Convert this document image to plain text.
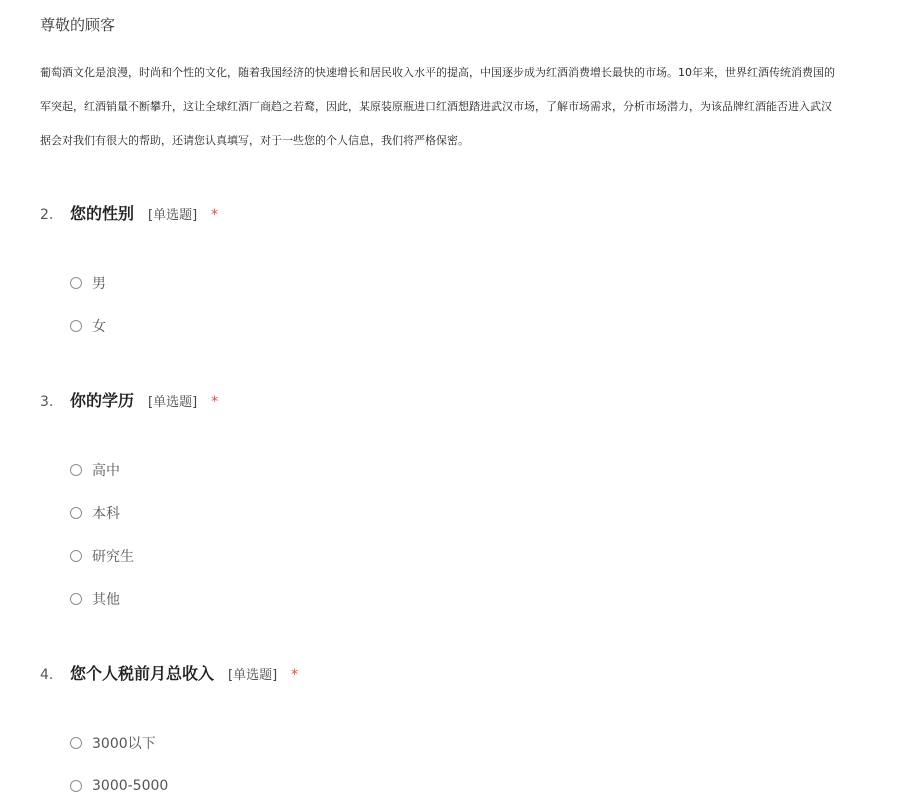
尊敬的顾客
葡萄酒文化是浪漫，时尚和个性的文化，随着我国经济的快速增长和居民收入水平的提高，中国逐步成为红酒消费增长最快的市场。10年来，世界红酒传统消费国的
军突起，红酒销量不断攀升，这让全球红酒厂商趋之若鹜，因此，某原装原瓶进口红酒想踏进武汉市场，了解市场需求，分析市场潜力，为该品牌红酒能否进入武汉
据会对我们有很大的帮助，还请您认真填写，对于一些您的个人信息，我们将严格保密。
2.	您的性别 [单选题] *
男
女
3.	你的学历 [单选题] *
高中
本科
研究生
其他
4.	您个人税前月总收入 [单选题] *
3000以下
3000-5000
